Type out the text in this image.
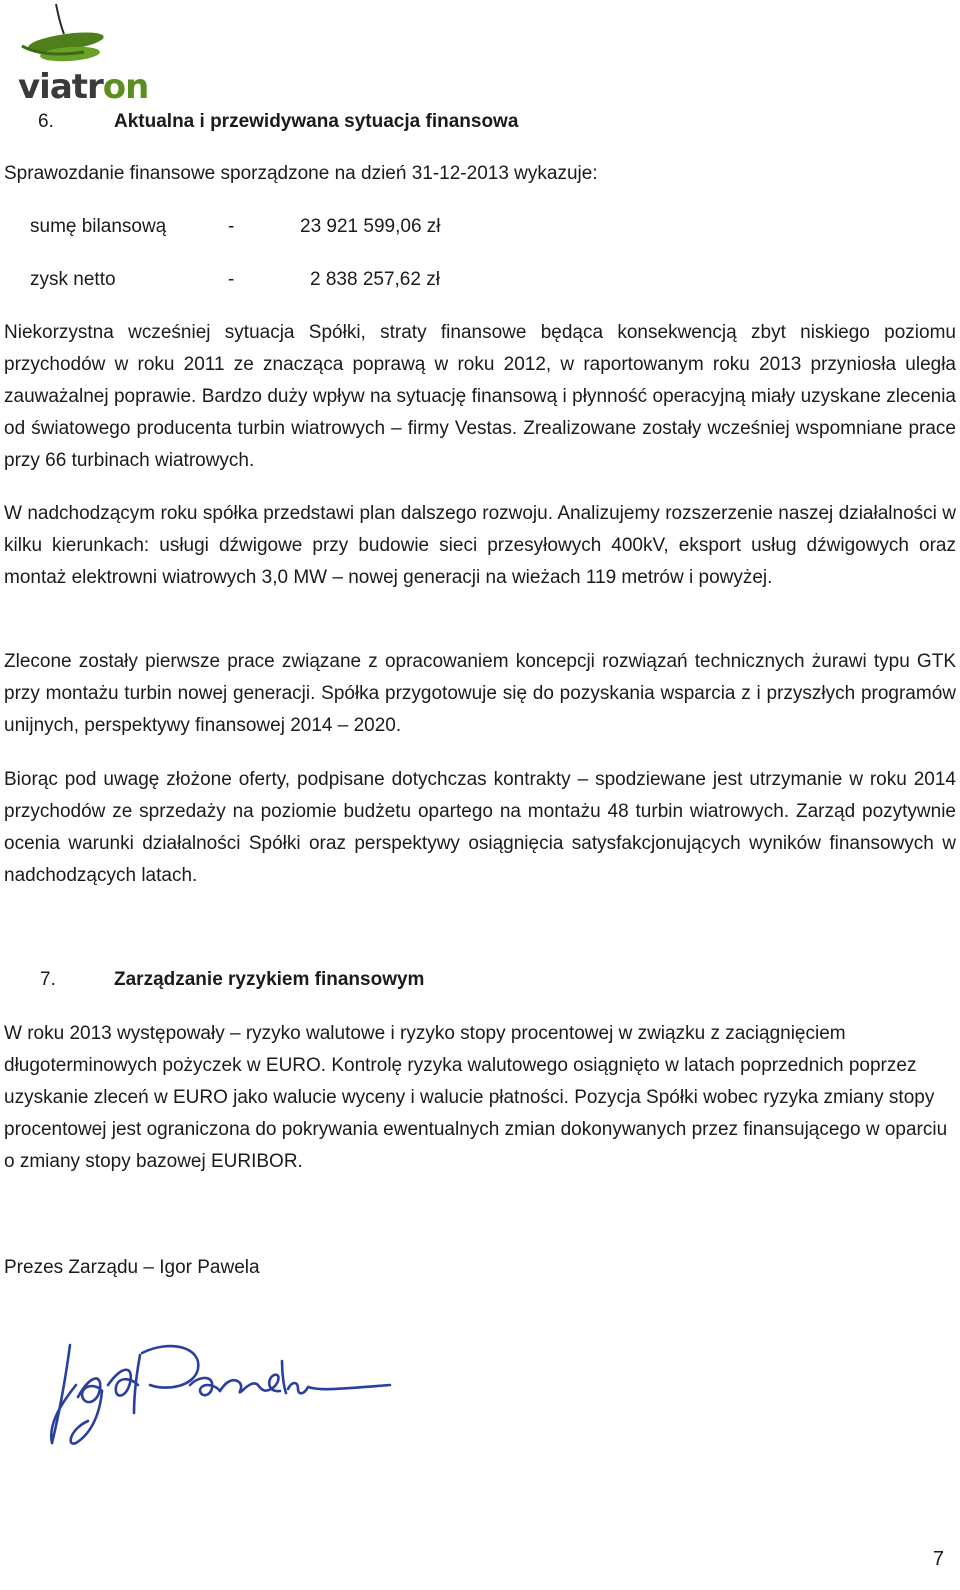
viatron
6.	Aktualna i przewidywana sytuacja finansowa
Sprawozdanie finansowe sporządzone na dzień 31-12-2013 wykazuje:
sumę bilansową	-	23 921 599,06 zł
zysk netto	-	2 838 257,62 zł
Niekorzystna wcześniej sytuacja Spółki, straty finansowe będąca konsekwencją zbyt niskiego poziomu przychodów w roku 2011 ze znacząca poprawą w roku 2012, w raportowanym roku 2013 przyniosła uległa zauważalnej poprawie. Bardzo duży wpływ na sytuację finansową i płynność operacyjną miały uzyskane zlecenia od światowego producenta turbin wiatrowych – firmy Vestas. Zrealizowane zostały wcześniej wspomniane prace przy 66 turbinach wiatrowych.
W nadchodzącym roku spółka przedstawi plan dalszego rozwoju. Analizujemy rozszerzenie naszej działalności w kilku kierunkach: usługi dźwigowe przy budowie sieci przesyłowych 400kV, eksport usług dźwigowych oraz montaż elektrowni wiatrowych 3,0 MW – nowej generacji na wieżach 119 metrów i powyżej.
Zlecone zostały pierwsze prace związane z opracowaniem koncepcji rozwiązań technicznych żurawi typu GTK przy montażu turbin nowej generacji. Spółka przygotowuje się do pozyskania wsparcia z i przyszłych programów unijnych, perspektywy finansowej 2014 – 2020.
Biorąc pod uwagę złożone oferty, podpisane dotychczas kontrakty – spodziewane jest utrzymanie w roku 2014 przychodów ze sprzedaży na poziomie budżetu opartego na montażu 48 turbin wiatrowych. Zarząd pozytywnie ocenia warunki działalności Spółki oraz perspektywy osiągnięcia satysfakcjonujących wyników finansowych w nadchodzących latach.
7.	Zarządzanie ryzykiem finansowym
W roku 2013 występowały – ryzyko walutowe i ryzyko stopy procentowej w związku z zaciągnięciem długoterminowych pożyczek w EURO. Kontrolę ryzyka walutowego osiągnięto w latach poprzednich poprzez uzyskanie zleceń w EURO jako walucie wyceny i walucie płatności. Pozycja Spółki wobec ryzyka zmiany stopy procentowej jest ograniczona do pokrywania ewentualnych zmian dokonywanych przez finansującego w oparciu o zmiany stopy bazowej EURIBOR.
Prezes Zarządu – Igor Pawela
7
